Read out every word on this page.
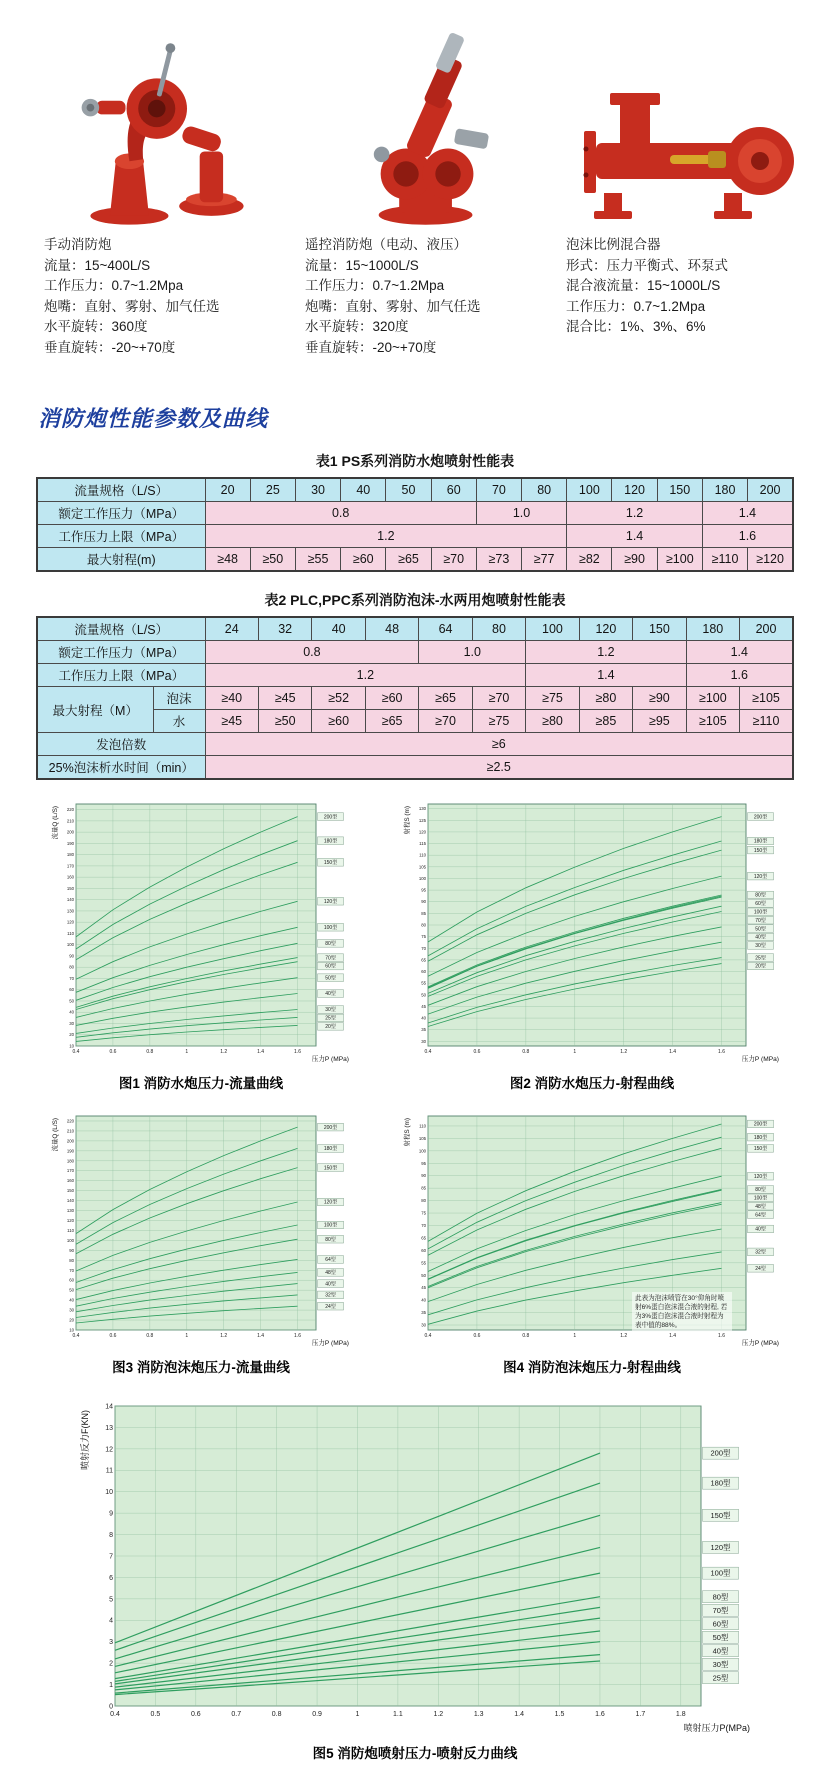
手动消防炮
流量：15~400L/S
工作压力：0.7~1.2Mpa
炮嘴：直射、雾射、加气任选
水平旋转：360度
垂直旋转：-20~+70度
遥控消防炮（电动、液压）
流量：15~1000L/S
工作压力：0.7~1.2Mpa
炮嘴：直射、雾射、加气任选
水平旋转：320度
垂直旋转：-20~+70度
泡沫比例混合器
形式：压力平衡式、环泵式
混合液流量：15~1000L/S
工作压力：0.7~1.2Mpa
混合比：1%、3%、6%
消防炮性能参数及曲线
表1 PS系列消防水炮喷射性能表
流量规格（L/S）	20	25	30	40	50	60	70	80	100	120	150	180	200
额定工作压力（MPa）	0.8						1.0		1.2			1.4	
工作压力上限（MPa）	1.2								1.4			1.6	
最大射程(m)	≥48	≥50	≥55	≥60	≥65	≥70	≥73	≥77	≥82	≥90	≥100	≥110	≥120
表2 PLC,PPC系列消防泡沫-水两用炮喷射性能表
流量规格（L/S）		24	32	40	48	64	80	100	120	150	180	200
额定工作压力（MPa）		0.8				1.0		1.2			1.4	
工作压力上限（MPa）		1.2						1.4			1.6	
最大射程（M）	泡沫	≥40	≥45	≥52	≥60	≥65	≥70	≥75	≥80	≥90	≥100	≥105
	水	≥45	≥50	≥60	≥65	≥70	≥75	≥80	≥85	≥95	≥105	≥110
发泡倍数		≥6										
25%泡沫析水时间（min）		≥2.5										
10
20
30
40
50
60
70
80
90
100
110
120
130
140
150
160
170
180
190
200
210
220
0.4	0.6	0.8	1	1.2	1.4	1.6
200型
180型
150型
120型
100型
80型
70型
60型
50型
40型
30型
25型
20型
流量Q (L/S)
压力P (MPa)
图1 消防水炮压力-流量曲线
30
35
40
45
50
55
60
65
70
75
80
85
90
95
100
105
110
115
120
125
130
0.4	0.6	0.8	1	1.2	1.4	1.6
200型
180型
150型
120型
80型
60型
100型
70型
50型
40型
30型
25型
20型
射程S (m)
压力P (MPa)
图2 消防水炮压力-射程曲线
10
20
30
40
50
60
70
80
90
100
110
120
130
140
150
160
170
180
190
200
210
220
0.4	0.6	0.8	1	1.2	1.4	1.6
200型
180型
150型
120型
100型
80型
64型
48型
40型
32型
24型
流量Q (L/S)
压力P (MPa)
图3 消防泡沫炮压力-流量曲线
30
35
40
45
50
55
60
65
70
75
80
85
90
95
100
105
110
0.4	0.6	0.8	1	1.2	1.4	1.6
200型
180型
150型
120型
80型
100型
48型
64型
40型
32型
24型
射程S (m)
压力P (MPa)
图4 消防泡沫炮压力-射程曲线
此表为泡沫喷管在30°仰角时喷射6%蛋白泡沫混合液的射程, 若为3%蛋白泡沫混合液时射程为表中值的88%。
0
1
2
3
4
5
6
7
8
9
10
11
12
13
14
0.4	0.5	0.6	0.7	0.8	0.9	1	1.1	1.2	1.3	1.4	1.5	1.6	1.7	1.8
200型
180型
150型
120型
100型
80型
70型
60型
50型
40型
30型
25型
喷射反力F(KN)
喷射压力P(MPa)
图5 消防炮喷射压力-喷射反力曲线
